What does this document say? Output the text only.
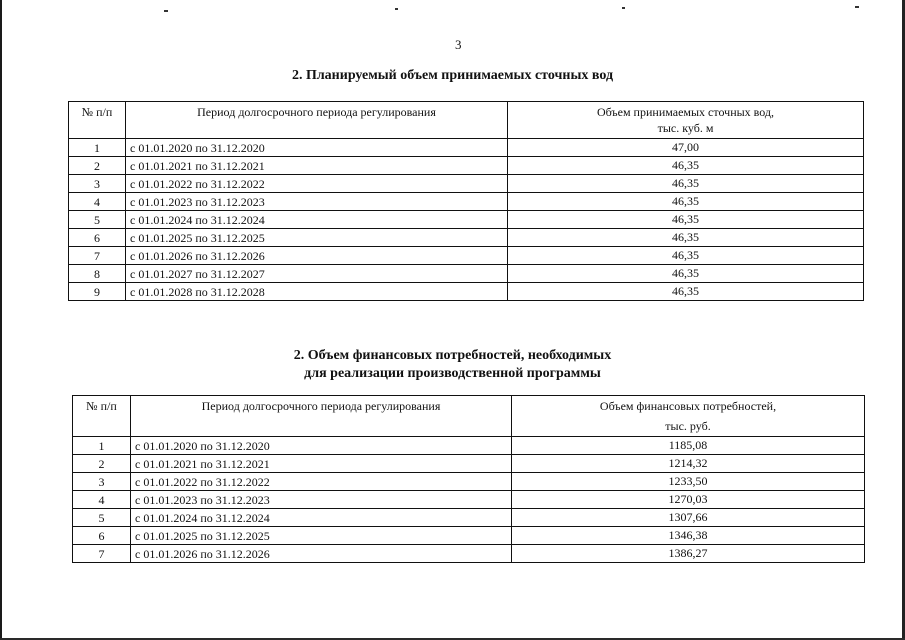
3
2. Планируемый объем принимаемых сточных вод
№ п/п	Период долгосрочного периода регулирования	Объем принимаемых сточных вод,
тыс. куб. м

1	с 01.01.2020 по 31.12.2020	47,00
2	с 01.01.2021 по 31.12.2021	46,35
3	с 01.01.2022 по 31.12.2022	46,35
4	с 01.01.2023 по 31.12.2023	46,35
5	с 01.01.2024 по 31.12.2024	46,35
6	с 01.01.2025 по 31.12.2025	46,35
7	с 01.01.2026 по 31.12.2026	46,35
8	с 01.01.2027 по 31.12.2027	46,35
9	с 01.01.2028 по 31.12.2028	46,35
2. Объем финансовых потребностей, необходимых
для реализации производственной программы
№ п/п	Период долгосрочного периода регулирования	Объем финансовых потребностей,
тыс. руб.

1	с 01.01.2020 по 31.12.2020	1185,08
2	с 01.01.2021 по 31.12.2021	1214,32
3	с 01.01.2022 по 31.12.2022	1233,50
4	с 01.01.2023 по 31.12.2023	1270,03
5	с 01.01.2024 по 31.12.2024	1307,66
6	с 01.01.2025 по 31.12.2025	1346,38
7	с 01.01.2026 по 31.12.2026	1386,27
